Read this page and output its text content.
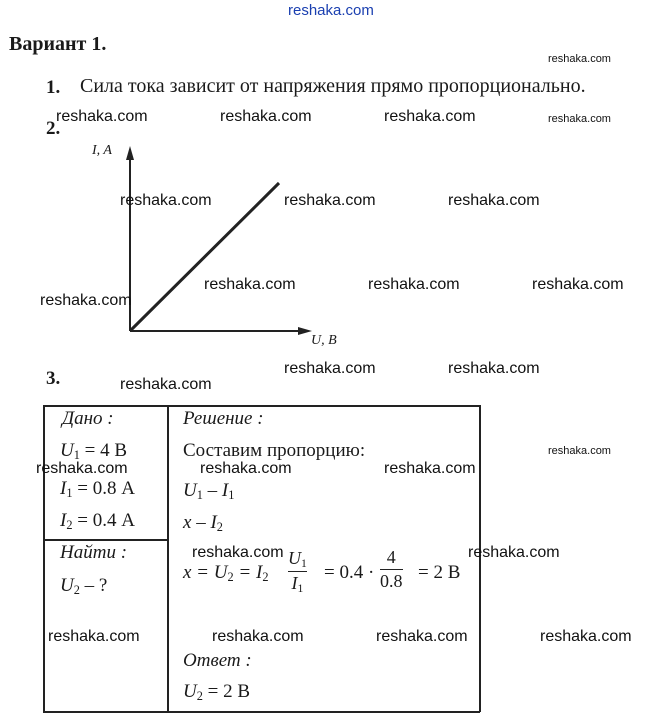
reshaka.com
Вариант 1.
1. Сила тока зависит от напряжения прямо пропорционально.
2.
I, A
U, B
3.
Дано :
$U_1 = 4$ В
$I_1 = 0.8$ А
$I_2 = 0.4$ А
Найти :
$U_2$ – ?
Решение :
Составим пропорцию:
$U_1 - I_1$
x – $I_2$
$x = U_2 = I_2$
$U_1$
$I_1$
= 0.4 ·
4
0.8 = 2 В
Ответ :
$U_2 = 2$ В
reshaka.com
reshaka.com	reshaka.com	reshaka.com	reshaka.com
reshaka.com	reshaka.com	reshaka.com
reshaka.com	reshaka.com	reshaka.com
reshaka.com
reshaka.com	reshaka.com
reshaka.com
reshaka.com
reshaka.com	reshaka.com	reshaka.com
reshaka.com	reshaka.com
reshaka.com	reshaka.com	reshaka.com	reshaka.com
